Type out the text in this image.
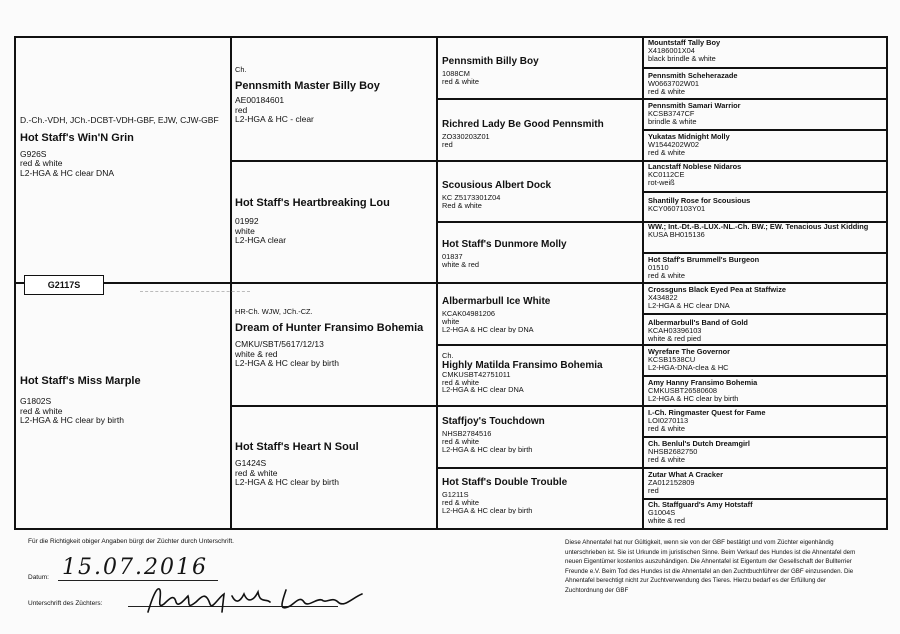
D.-Ch.-VDH, JCh.-DCBT-VDH-GBF, EJW, CJW-GBF
Hot Staff's Win'N Grin
G926S
red & white
L2-HGA & HC clear DNA
Hot Staff's Miss Marple
G1802S
red & white
L2-HGA & HC clear by birth
Ch.
Pennsmith Master Billy Boy
AE00184601
red
L2-HGA & HC - clear
Hot Staff's Heartbreaking Lou
01992
white
L2-HGA clear
HR-Ch. WJW, JCh.-CZ.
Dream of Hunter Fransimo Bohemia
CMKU/SBT/5617/12/13
white & red
L2-HGA & HC clear by birth
Hot Staff's Heart N Soul
G1424S
red & white
L2-HGA & HC clear by birth
Pennsmith Billy Boy
1088CM
red & white
Richred Lady Be Good Pennsmith
ZO330203Z01
red
Scousious Albert Dock
KC Z5173301Z04
Red & white
Hot Staff's Dunmore Molly
01837
white & red
Albermarbull Ice White
KCAK04981206
white
L2-HGA & HC clear by DNA
Ch.
Highly Matilda Fransimo Bohemia
CMKUSBT42751011
red & white
L2-HGA & HC clear DNA
Staffjoy's Touchdown
NHSB2784516
red & white
L2-HGA & HC clear by birth
Hot Staff's Double Trouble
G1211S
red & white
L2-HGA & HC clear by birth
Mountstaff Tally Boy
X4186001X04
black brindle & white
Pennsmith Scheherazade
W0663702W01
red & white
Pennsmith Samari Warrior
KCSB3747CF
brindle & white
Yukatas Midnight Molly
W1544202W02
red & white
Lancstaff Noblese Nidaros
KC0112CE
rot-weiß
Shantilly Rose for Scousious
KCY0607103Y01
WW.; Int.-Dt.-B.-LUX.-NL.-Ch. BW.; EW. Tenacious Just Kidding
KUSA BH015136
Hot Staff's Brummell's Burgeon
01510
red & white
Crossguns Black Eyed Pea at Staffwize
X434822
L2-HGA & HC clear DNA
Albermarbull's Band of Gold
KCAH03396103
white & red pied
Wyrefare The Governor
KCSB1538CU
L2-HGA-DNA-clea & HC
Amy Hanny Fransimo Bohemia
CMKUSBT26580608
L2-HGA & HC clear by birth
I.-Ch. Ringmaster Quest for Fame
LOI0270113
red & white
Ch. Benlul's Dutch Dreamgirl
NHSB2682750
red & white
Zutar What A Cracker
ZA012152809
red
Ch. Staffguard's Amy Hotstaff
G1004S
white & red
G2117S
Für die Richtigkeit obiger Angaben bürgt der Züchter durch Unterschrift.
Datum: 15.07.2016
Unterschrift des Züchters:
Diese Ahnentafel hat nur Gültigkeit, wenn sie von der GBF bestätigt und vom Züchter eigenhändig unterschrieben ist. Sie ist Urkunde im juristischen Sinne. Beim Verkauf des Hundes ist die Ahnentafel dem neuen Eigentümer kostenlos auszuhändigen. Die Ahnentafel ist Eigentum der Gesellschaft der Bullterrier Freunde e.V. Beim Tod des Hundes ist die Ahnentafel an den Zuchtbuchführer der GBF einzusenden. Die Ahnentafel berechtigt nicht zur Zuchtverwendung des Tieres. Hierzu bedarf es der Erfüllung der Zuchtordnung der GBF
